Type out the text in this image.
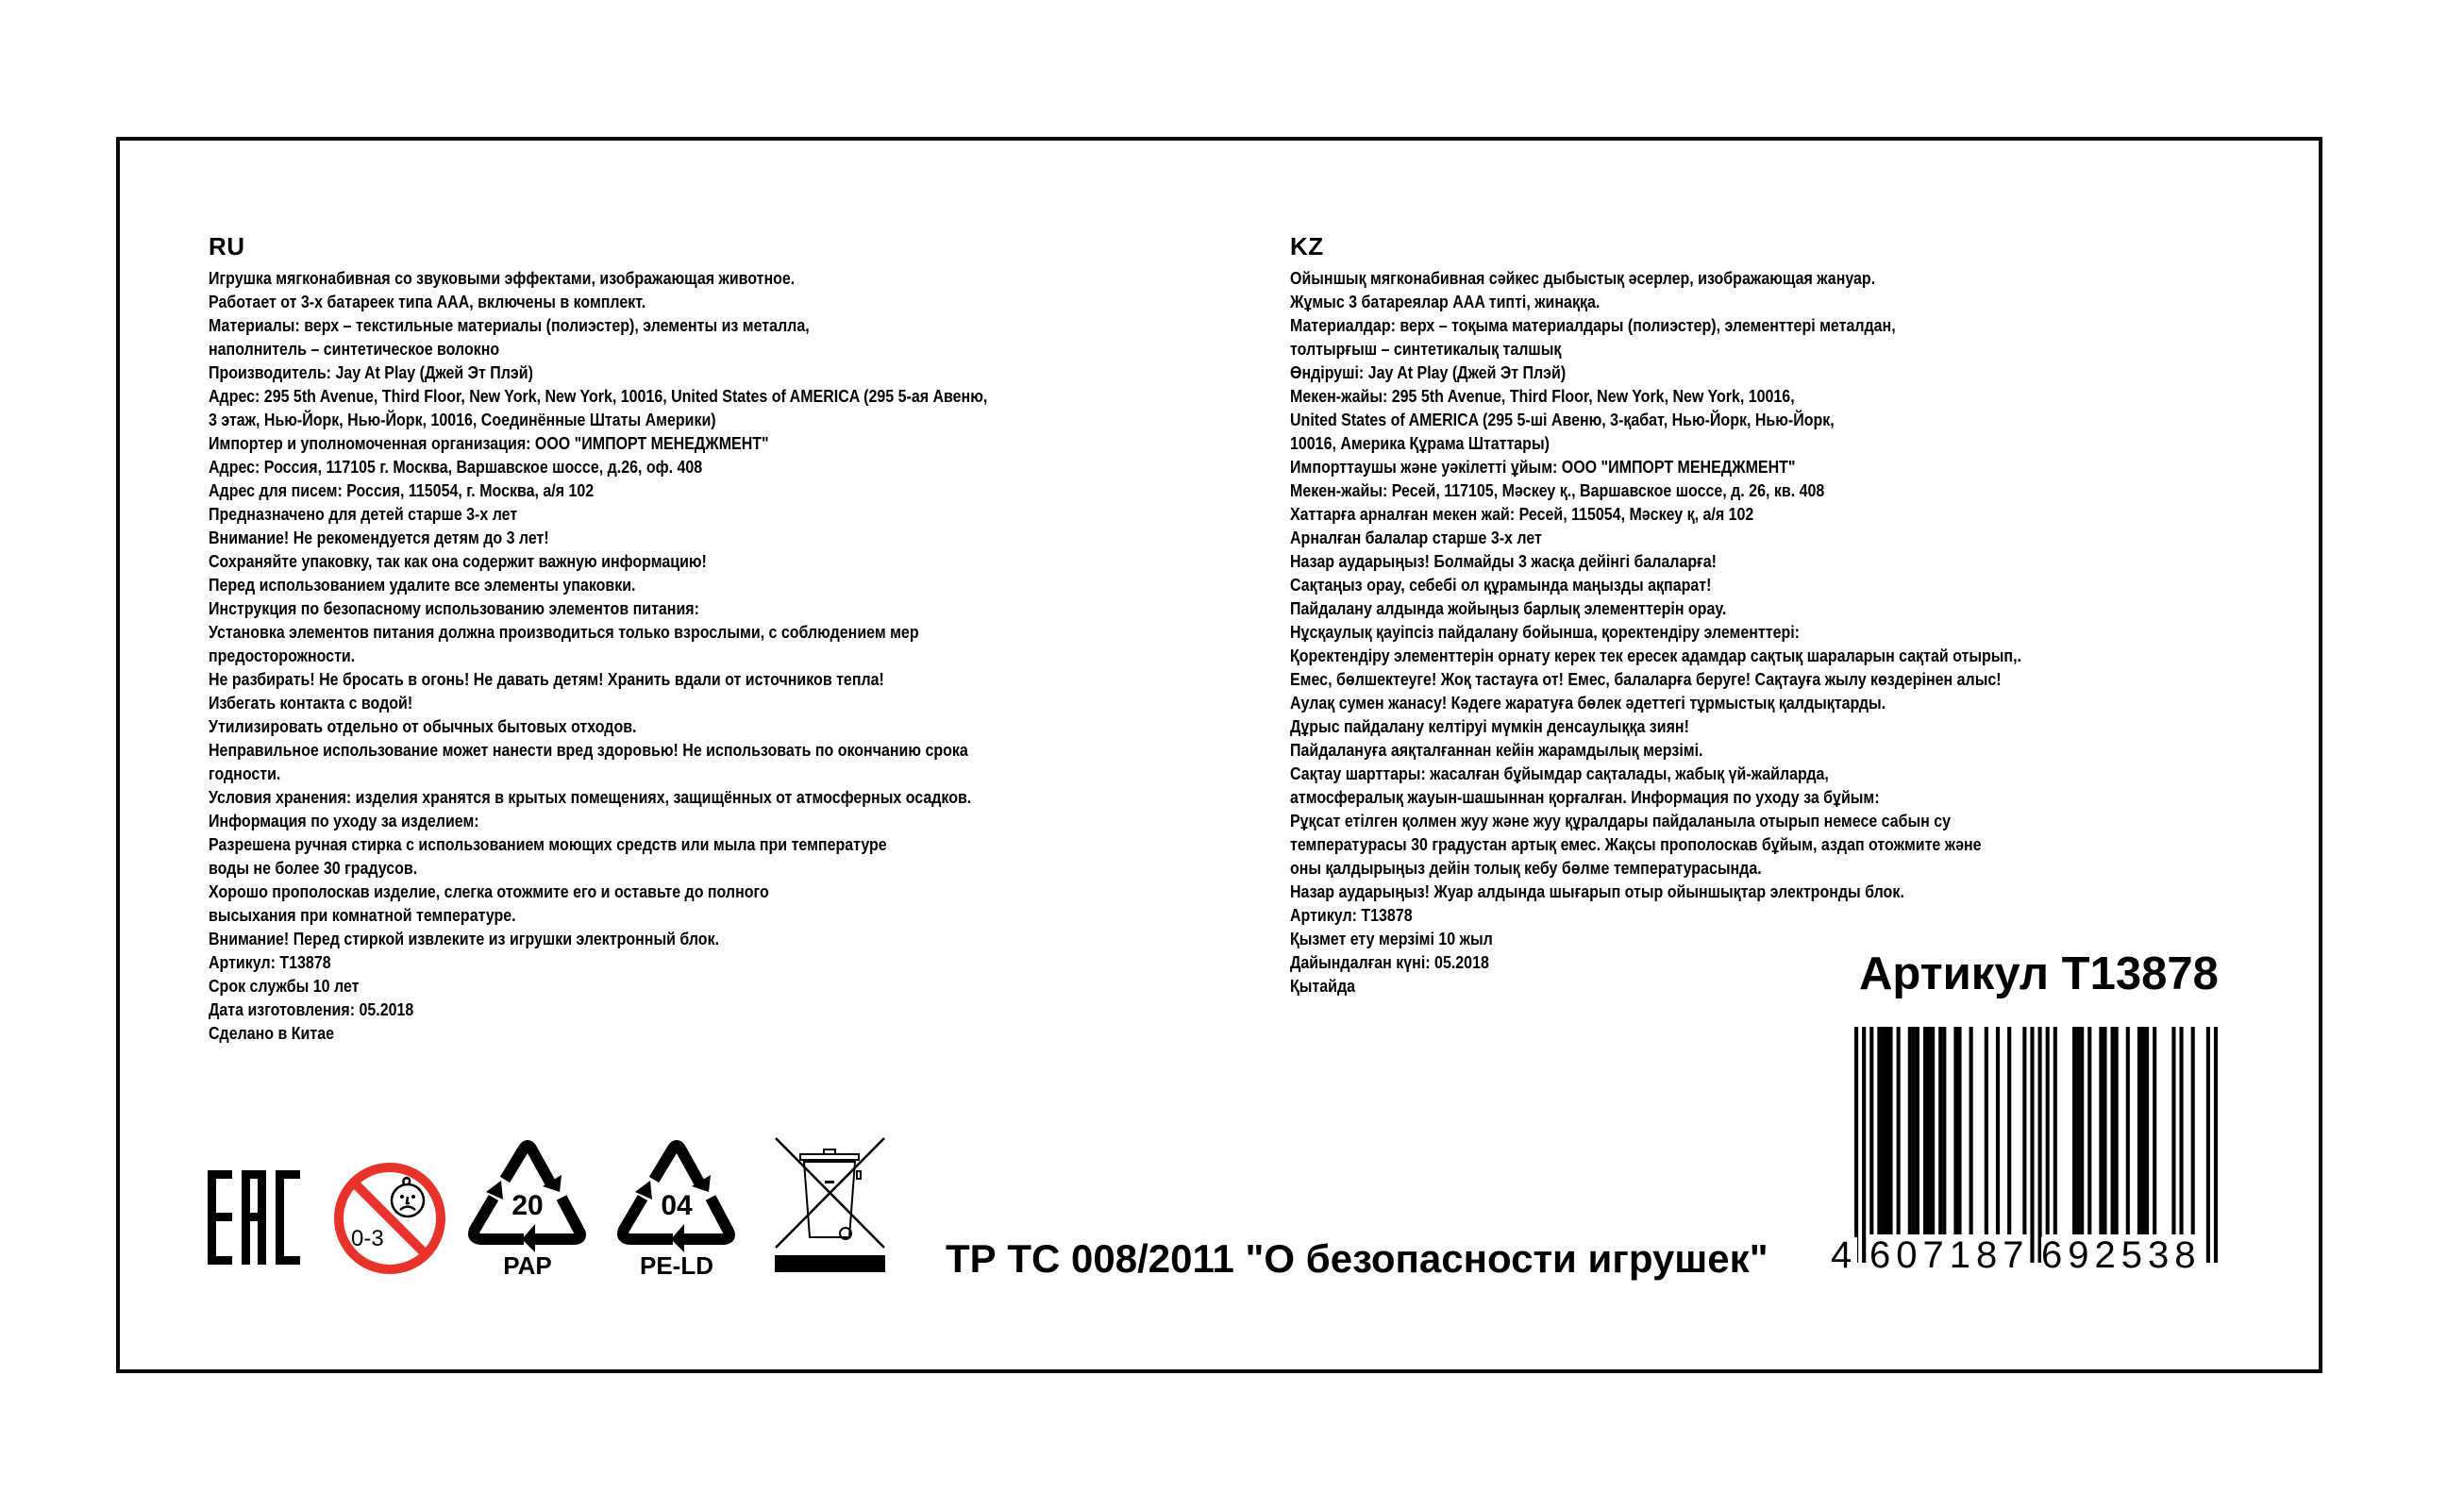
RU
Игрушка мягконабивная со звуковыми эффектами, изображающая животное.
Работает от 3-х батареек типа AAA, включены в комплект.
Материалы: верх – текстильные материалы (полиэстер), элементы из металла,
наполнитель – синтетическое волокно
Производитель: Jay At Play (Джей Эт Плэй)
Адрес: 295 5th Avenue, Third Floor, New York, New York, 10016, United States of AMERICA (295 5-ая Авеню,
3 этаж, Нью-Йорк, Нью-Йорк, 10016, Соединённые Штаты Америки)
Импортер и уполномоченная организация: ООО "ИМПОРТ МЕНЕДЖМЕНТ"
Адрес: Россия, 117105 г. Москва, Варшавское шоссе, д.26, оф. 408
Адрес для писем: Россия, 115054, г. Москва, а/я 102
Предназначено для детей старше 3-х лет
Внимание! Не рекомендуется детям до 3 лет!
Сохраняйте упаковку, так как она содержит важную информацию!
Перед использованием удалите все элементы упаковки.
Инструкция по безопасному использованию элементов питания:
Установка элементов питания должна производиться только взрослыми, с соблюдением мер
предосторожности.
Не разбирать! Не бросать в огонь! Не давать детям! Хранить вдали от источников тепла!
Избегать контакта с водой!
Утилизировать отдельно от обычных бытовых отходов.
Неправильное использование может нанести вред здоровью! Не использовать по окончанию срока
годности.
Условия хранения: изделия хранятся в крытых помещениях, защищённых от атмосферных осадков.
Информация по уходу за изделием:
Разрешена ручная стирка с использованием моющих средств или мыла при температуре
воды не более 30 градусов.
Хорошо прополоскав изделие, слегка отожмите его и оставьте до полного
высыхания при комнатной температуре.
Внимание! Перед стиркой извлеките из игрушки электронный блок.
Артикул: T13878
Срок службы 10 лет
Дата изготовления: 05.2018
Сделано в Китае
KZ
Ойыншық мягконабивная сәйкес дыбыстық әсерлер, изображающая жануар.
Жұмыс 3 батареялар AAA типті, жинаққа.
Материалдар: верх – тоқыма материалдары (полиэстер), элементтері металдан,
толтырғыш – синтетикалық талшық
Өндіруші: Jay At Play (Джей Эт Плэй)
Мекен-жайы: 295 5th Avenue, Third Floor, New York, New York, 10016,
United States of AMERICA (295 5-ші Авеню, 3-қабат, Нью-Йорк, Нью-Йорк,
10016, Америка Құрама Штаттары)
Импорттаушы және уәкілетті ұйым: ООО "ИМПОРТ МЕНЕДЖМЕНТ"
Мекен-жайы: Ресей, 117105, Мәскеу қ., Варшавское шоссе, д. 26, кв. 408
Хаттарға арналған мекен жай: Ресей, 115054, Мәскеу қ, а/я 102
Арналған балалар старше 3-х лет
Назар аударыңыз! Болмайды 3 жасқа дейінгі балаларға!
Сақтаңыз орау, себебі ол құрамында маңызды ақпарат!
Пайдалану алдында жойыңыз барлық элементтерін орау.
Нұсқаулық қауіпсіз пайдалану бойынша, қоректендіру элементтері:
Қоректендіру элементтерін орнату керек тек ересек адамдар сақтық шараларын сақтай отырып,.
Емес, бөлшектеуге! Жоқ тастауға от! Емес, балаларға беруге! Сақтауға жылу көздерінен алыс!
Аулақ сумен жанасу! Кәдеге жаратуға бөлек әдеттегі тұрмыстық қалдықтарды.
Дұрыс пайдалану келтіруі мүмкін денсаулыққа зиян!
Пайдалануға аяқталғаннан кейін жарамдылық мерзімі.
Сақтау шарттары: жасалған бұйымдар сақталады, жабық үй-жайларда,
атмосфералық жауын-шашыннан қорғалған. Информация по уходу за бұйым:
Рұқсат етілген қолмен жуу және жуу құралдары пайдаланыла отырып немесе сабын су
температурасы 30 градустан артық емес. Жақсы прополоскав бұйым, аздап отожмите және
оны қалдырыңыз дейін толық кебу бөлме температурасында.
Назар аударыңыз! Жуар алдында шығарып отыр ойыншықтар электронды блок.
Артикул: T13878
Қызмет ету мерзімі 10 жыл
Дайындалған күні: 05.2018
Қытайда	Артикул T13878
0-3
20
PAP
04
PE-LD	ТР ТС 008/2011 "О безопасности игрушек" 4 607187 692538
